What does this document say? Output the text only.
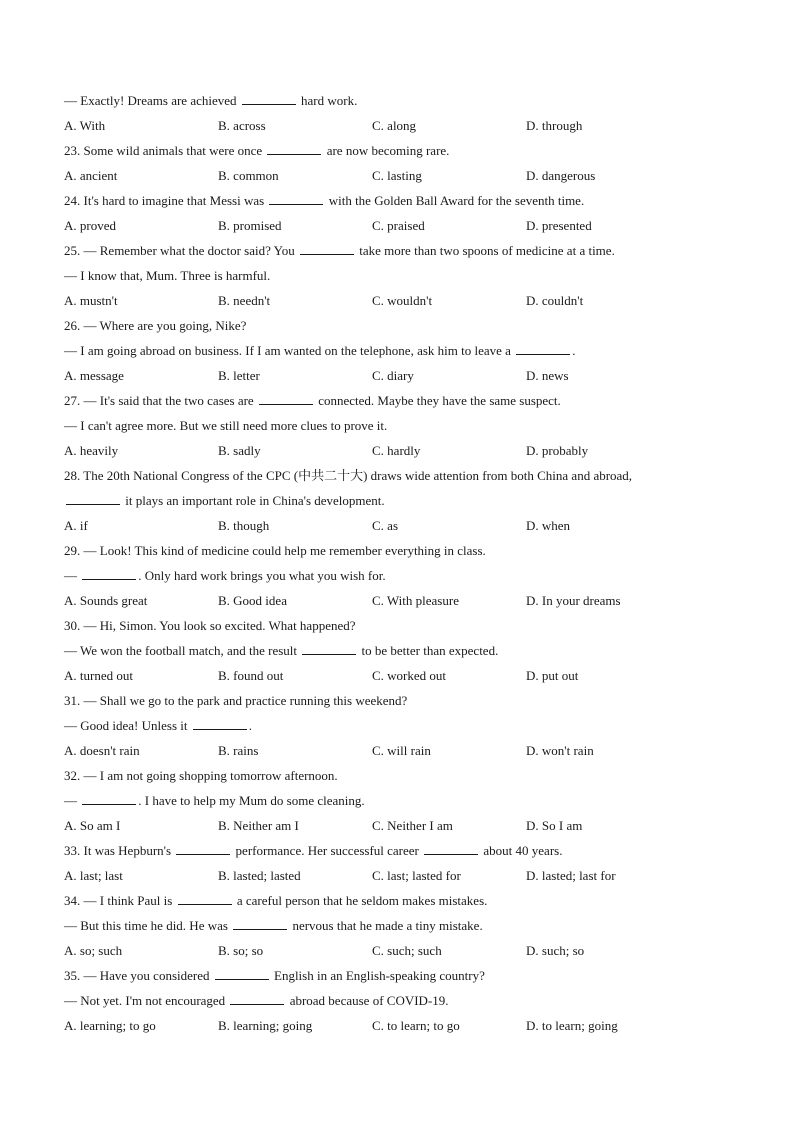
— Exactly! Dreams are achieved	hard work.
A. With	B. across	C. along	D. through
23. Some wild animals that were once	are now becoming rare.
A. ancient	B. common	C. lasting	D. dangerous
24. It's hard to imagine that Messi was	with the Golden Ball Award for the seventh time.
A. proved	B. promised	C. praised	D. presented
25. — Remember what the doctor said? You	take more than two spoons of medicine at a time.
— I know that, Mum. Three is harmful.
A. mustn't	B. needn't	C. wouldn't	D. couldn't
26. — Where are you going, Nike?
— I am going abroad on business. If I am wanted on the telephone, ask him to leave a	.
A. message	B. letter	C. diary	D. news
27. — It's said that the two cases are	connected. Maybe they have the same suspect.
— I can't agree more. But we still need more clues to prove it.
A. heavily	B. sadly	C. hardly	D. probably
28. The 20th National Congress of the CPC (中共二十大) draws wide attention from both China and abroad,
it plays an important role in China's development.
A. if	B. though	C. as	D. when
29. — Look! This kind of medicine could help me remember everything in class.
—	. Only hard work brings you what you wish for.
A. Sounds great	B. Good idea	C. With pleasure	D. In your dreams
30. — Hi, Simon. You look so excited. What happened?
— We won the football match, and the result	to be better than expected.
A. turned out	B. found out	C. worked out	D. put out
31. — Shall we go to the park and practice running this weekend?
— Good idea! Unless it	.
A. doesn't rain	B. rains	C. will rain	D. won't rain
32. — I am not going shopping tomorrow afternoon.
—	. I have to help my Mum do some cleaning.
A. So am I	B. Neither am I	C. Neither I am	D. So I am
33. It was Hepburn's	performance. Her successful career	about 40 years.
A. last; last	B. lasted; lasted	C. last; lasted for	D. lasted; last for
34. — I think Paul is	a careful person that he seldom makes mistakes.
— But this time he did. He was	nervous that he made a tiny mistake.
A. so; such	B. so; so	C. such; such	D. such; so
35. — Have you considered	English in an English-speaking country?
— Not yet. I'm not encouraged	abroad because of COVID-19.
A. learning; to go	B. learning; going	C. to learn; to go	D. to learn; going
